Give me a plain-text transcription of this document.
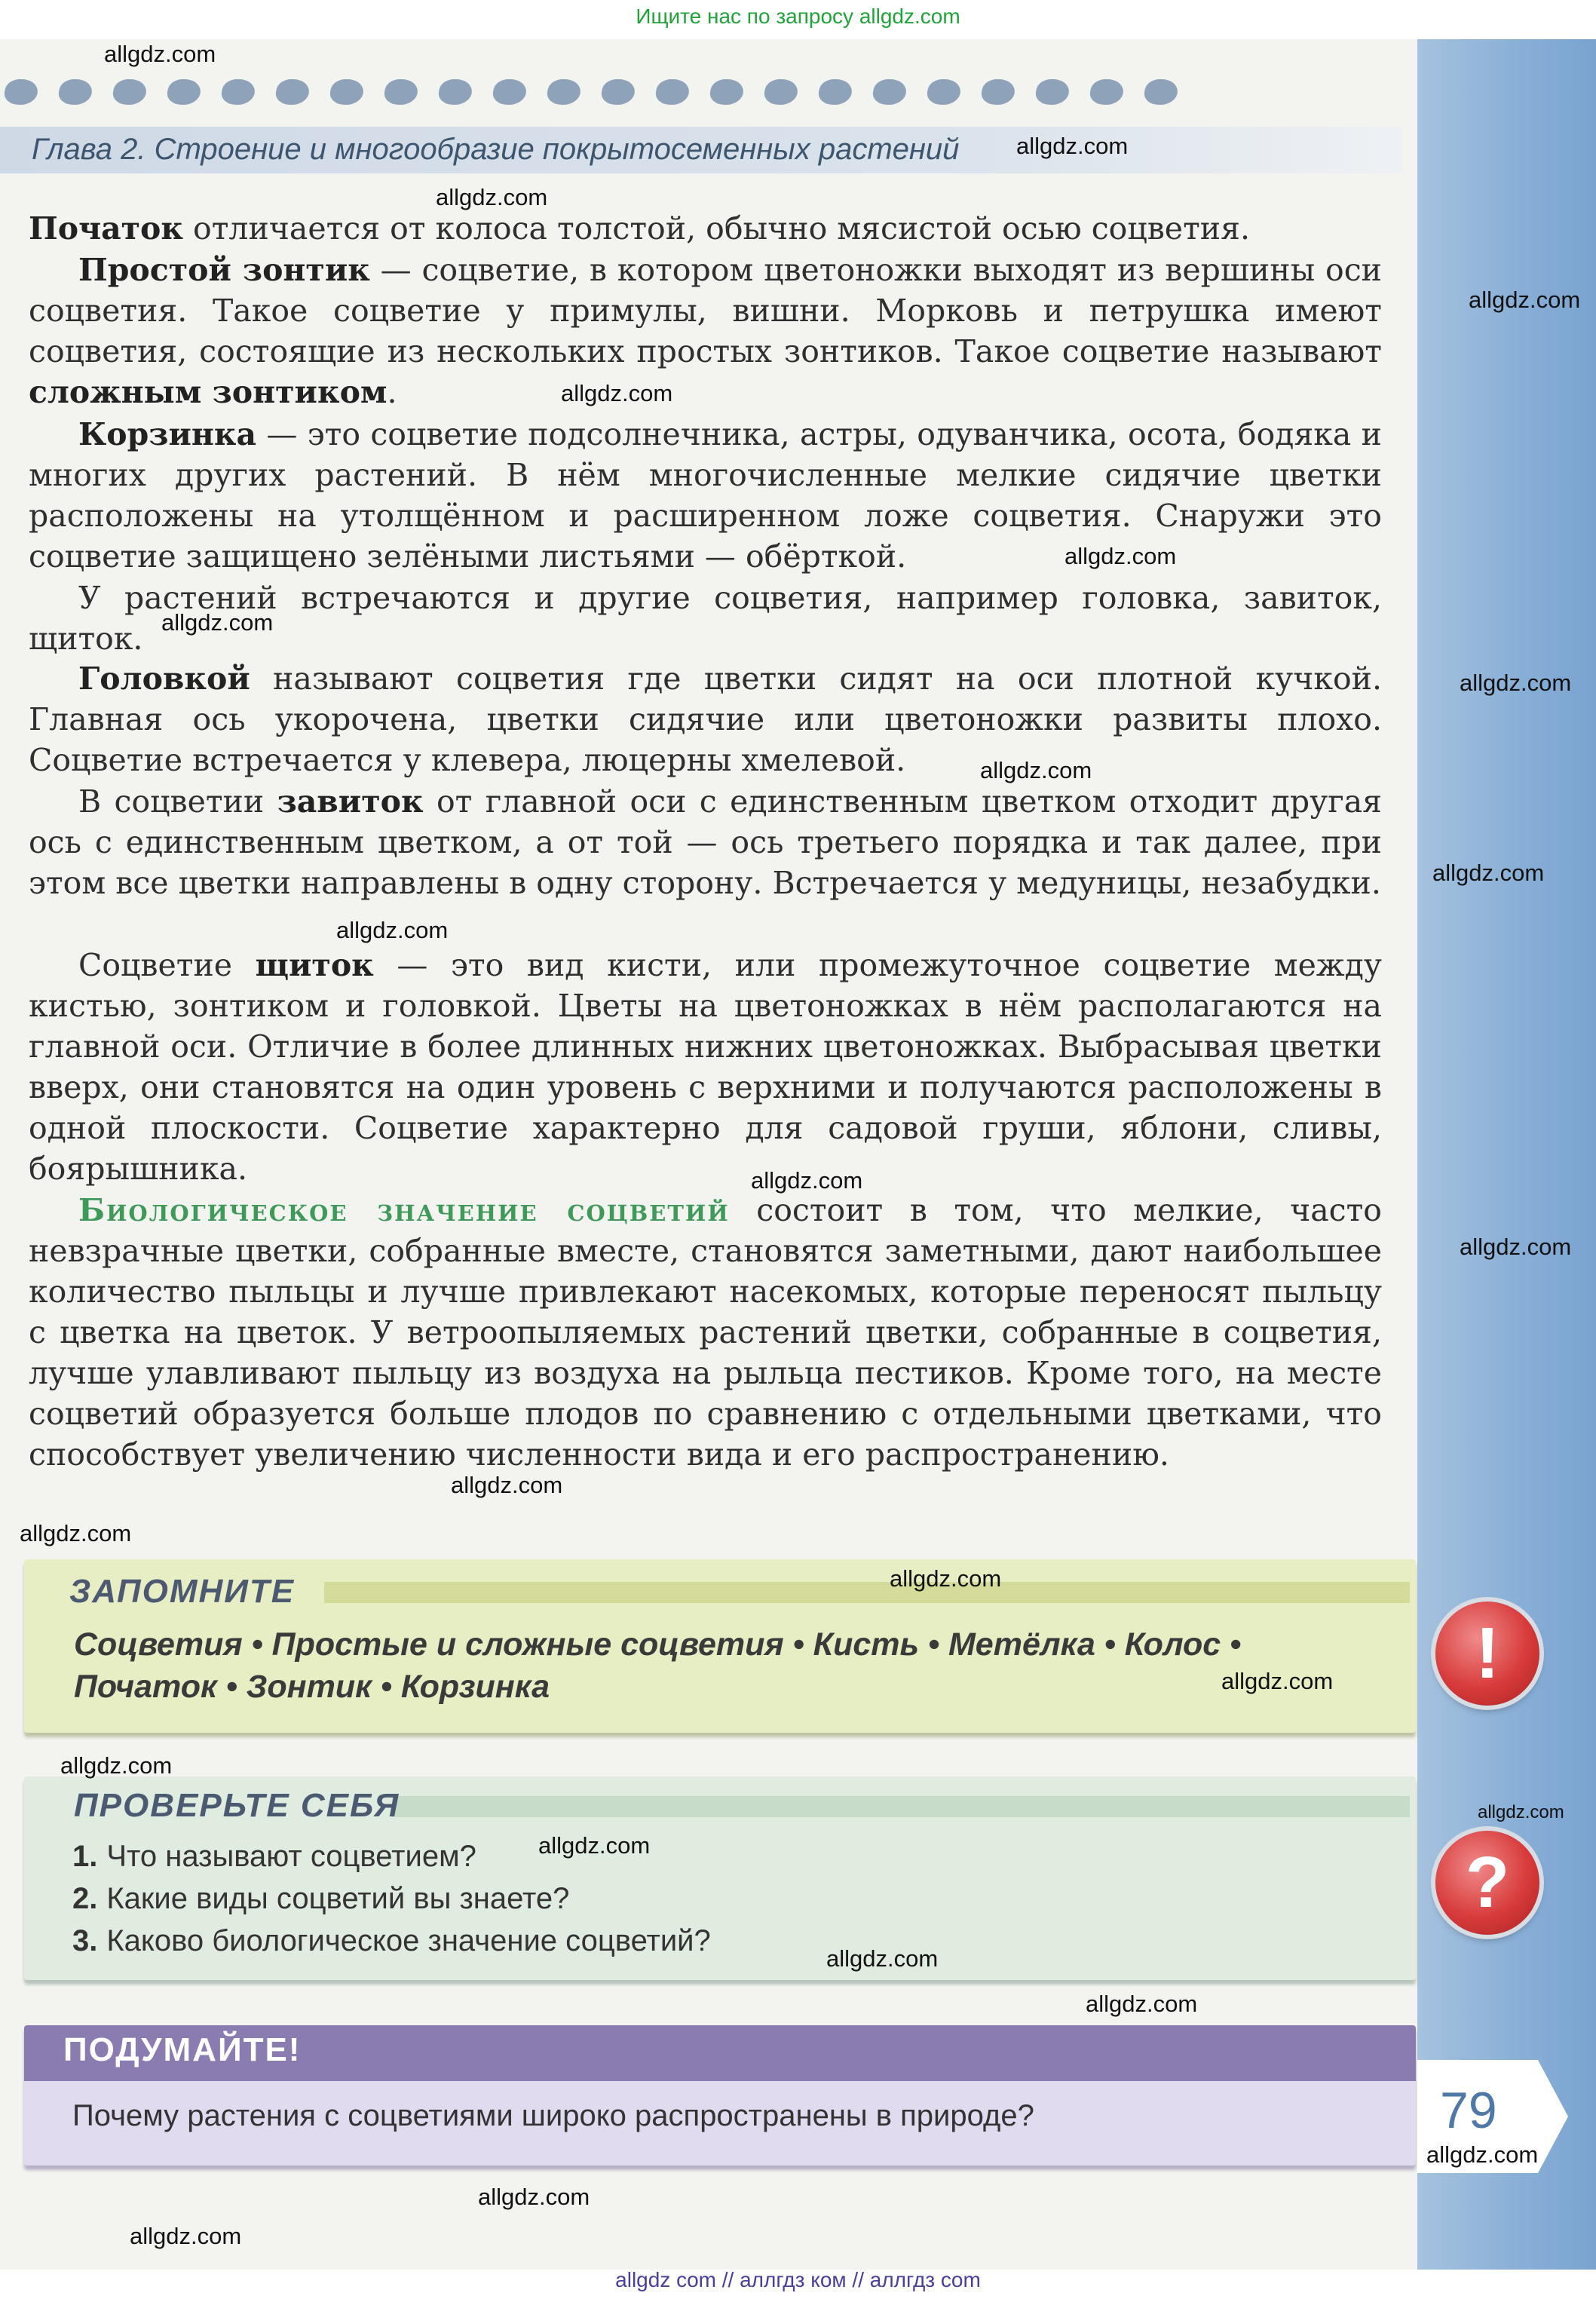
Ищите нас по запросу allgdz.com
Глава 2. Строение и многообразие покрытосеменных растений

Початок отличается от колоса толстой, обычно мясистой осью соцветия.

Простой зонтик — соцветие, в котором цветоножки выходят из вершины оси соцветия. Такое соцветие у примулы, вишни. Морковь и петрушка имеют соцветия, состоящие из нескольких простых зонтиков. Такое соцветие называют сложным зонтиком.

Корзинка — это соцветие подсолнечника, астры, одуванчика, осота, бодяка и многих других растений. В нём многочисленные мелкие сидячие цветки расположены на утолщённом и расширенном ложе соцветия. Снаружи это соцветие защищено зелёными листьями — обёрткой.

У растений встречаются и другие соцветия, например головка, завиток, щиток.

Головкой называют соцветия где цветки сидят на оси плотной кучкой. Главная ось укорочена, цветки сидячие или цветоножки развиты плохо. Соцветие встречается у клевера, люцерны хмелевой.

В соцветии завиток от главной оси с единственным цветком отходит другая ось с единственным цветком, а от той — ось третьего порядка и так далее, при этом все цветки направлены в одну сторону. Встречается у медуницы, незабудки.

Соцветие щиток — это вид кисти, или промежуточное соцветие между кистью, зонтиком и головкой. Цветы на цветоножках в нём располагаются на главной оси. Отличие в более длинных нижних цветоножках. Выбрасывая цветки вверх, они становятся на один уровень с верхними и получаются расположены в одной плоскости. Соцветие характерно для садовой груши, яблони, сливы, боярышника.

Биологическое значение соцветий состоит в том, что мелкие, часто невзрачные цветки, собранные вместе, становятся заметными, дают наибольшее количество пыльцы и лучше привлекают насекомых, которые переносят пыльцу с цветка на цветок. У ветроопыляемых растений цветки, собранные в соцветия, лучше улавливают пыльцу из воздуха на рыльца пестиков. Кроме того, на месте соцветий образуется больше плодов по сравнению с отдельными цветками, что способствует увеличению численности вида и его распространению.

ЗАПОМНИТЕ
Соцветия • Простые и сложные соцветия • Кисть • Метёлка • Колос •
Початок • Зонтик • Корзинка	!
ПРОВЕРЬТЕ СЕБЯ
1. Что называют соцветием?
2. Какие виды соцветий вы знаете?
3. Каково биологическое значение соцветий?
?
ПОДУМАЙТЕ!
Почему растения с соцветиями широко распространены в природе?	79
allgdz.com
allgdz.com
allgdz.com
allgdz.com
allgdz.com
allgdz.com
allgdz.com
allgdz.com
allgdz.com
allgdz.com
allgdz.com
allgdz.com
allgdz.com
allgdz.com
allgdz.com
allgdz.com
allgdz.com
allgdz.com
allgdz.com
allgdz.com
allgdz.com
allgdz.com
allgdz.com
allgdz.com
allgdz.com
allgdz com // аллгдз ком // аллгдз com
